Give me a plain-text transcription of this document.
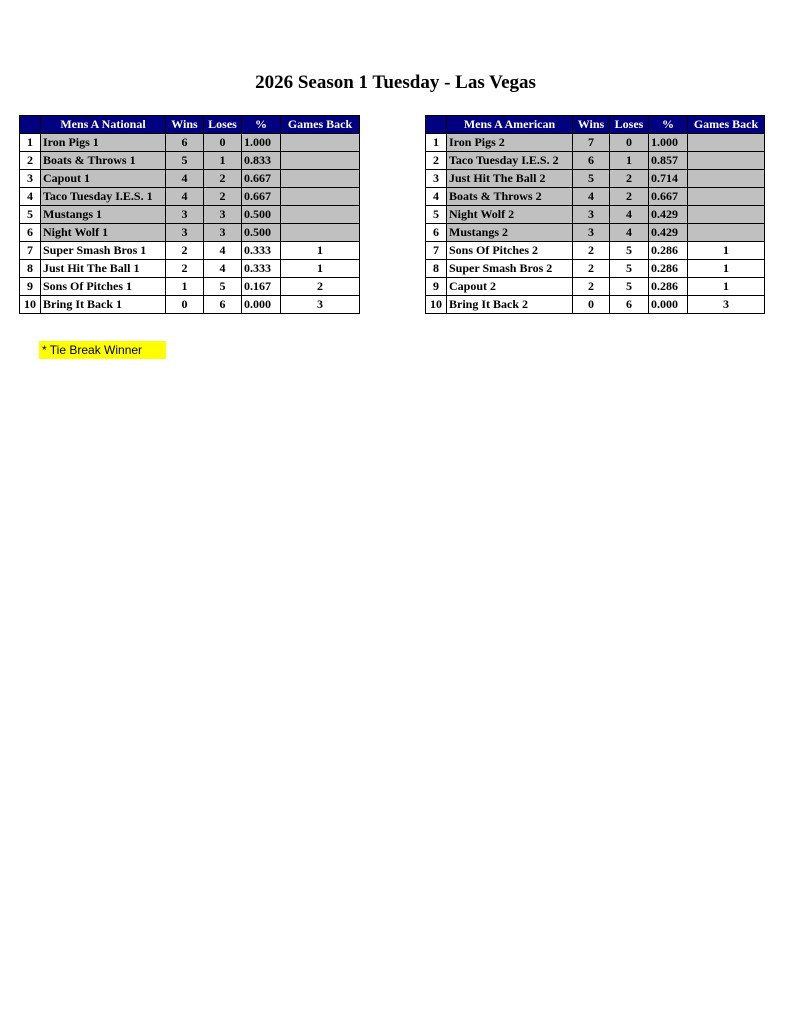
2026 Season 1 Tuesday - Las Vegas
	Mens A National	Wins	Loses	%	Games Back
1	Iron Pigs 1	6	0	1.000	
2	Boats & Throws 1	5	1	0.833	
3	Capout 1	4	2	0.667	
4	Taco Tuesday I.E.S. 1	4	2	0.667	
5	Mustangs 1	3	3	0.500	
6	Night Wolf 1	3	3	0.500	
7	Super Smash Bros 1	2	4	0.333	1
8	Just Hit The Ball 1	2	4	0.333	1
9	Sons Of Pitches 1	1	5	0.167	2
10	Bring It Back 1	0	6	0.000	3
	Mens A American	Wins	Loses	%	Games Back
1	Iron Pigs 2	7	0	1.000	
2	Taco Tuesday I.E.S. 2	6	1	0.857	
3	Just Hit The Ball 2	5	2	0.714	
4	Boats & Throws 2	4	2	0.667	
5	Night Wolf 2	3	4	0.429	
6	Mustangs 2	3	4	0.429	
7	Sons Of Pitches 2	2	5	0.286	1
8	Super Smash Bros 2	2	5	0.286	1
9	Capout 2	2	5	0.286	1
10	Bring It Back 2	0	6	0.000	3
* Tie Break Winner
